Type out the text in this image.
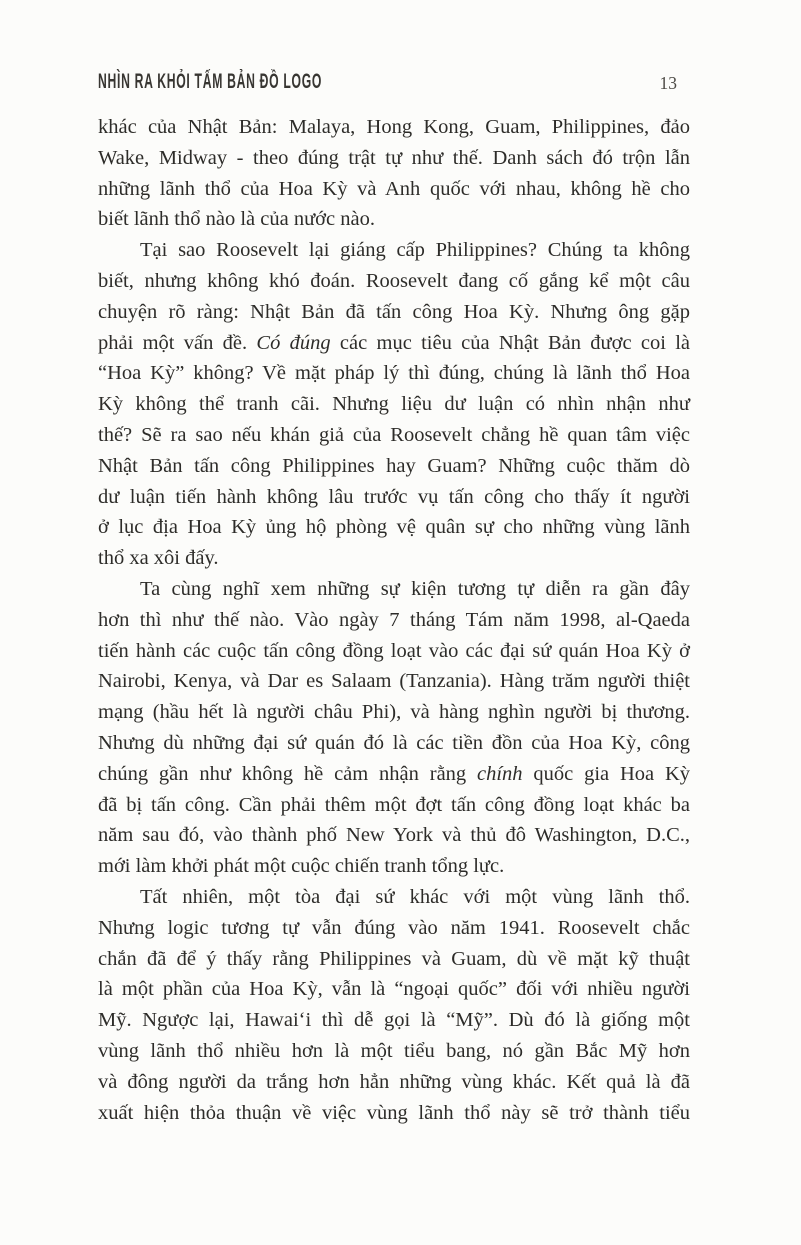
NHÌN RA KHỎI TẤM BẢN ĐỒ LOGO	13
khác của Nhật Bản: Malaya, Hong Kong, Guam, Philippines, đảo
Wake, Midway - theo đúng trật tự như thế. Danh sách đó trộn lẫn
những lãnh thổ của Hoa Kỳ và Anh quốc với nhau, không hề cho
biết lãnh thổ nào là của nước nào.
Tại sao Roosevelt lại giáng cấp Philippines? Chúng ta không
biết, nhưng không khó đoán. Roosevelt đang cố gắng kể một câu
chuyện rõ ràng: Nhật Bản đã tấn công Hoa Kỳ. Nhưng ông gặp
phải một vấn đề. Có đúng các mục tiêu của Nhật Bản được coi là
“Hoa Kỳ” không? Về mặt pháp lý thì đúng, chúng là lãnh thổ Hoa
Kỳ không thể tranh cãi. Nhưng liệu dư luận có nhìn nhận như
thế? Sẽ ra sao nếu khán giả của Roosevelt chẳng hề quan tâm việc
Nhật Bản tấn công Philippines hay Guam? Những cuộc thăm dò
dư luận tiến hành không lâu trước vụ tấn công cho thấy ít người
ở lục địa Hoa Kỳ ủng hộ phòng vệ quân sự cho những vùng lãnh
thổ xa xôi đấy.
Ta cùng nghĩ xem những sự kiện tương tự diễn ra gần đây
hơn thì như thế nào. Vào ngày 7 tháng Tám năm 1998, al-Qaeda
tiến hành các cuộc tấn công đồng loạt vào các đại sứ quán Hoa Kỳ ở
Nairobi, Kenya, và Dar es Salaam (Tanzania). Hàng trăm người thiệt
mạng (hầu hết là người châu Phi), và hàng nghìn người bị thương.
Nhưng dù những đại sứ quán đó là các tiền đồn của Hoa Kỳ, công
chúng gần như không hề cảm nhận rằng chính quốc gia Hoa Kỳ
đã bị tấn công. Cần phải thêm một đợt tấn công đồng loạt khác ba
năm sau đó, vào thành phố New York và thủ đô Washington, D.C.,
mới làm khởi phát một cuộc chiến tranh tổng lực.
Tất nhiên, một tòa đại sứ khác với một vùng lãnh thổ.
Nhưng logic tương tự vẫn đúng vào năm 1941. Roosevelt chắc
chắn đã để ý thấy rằng Philippines và Guam, dù về mặt kỹ thuật
là một phần của Hoa Kỳ, vẫn là “ngoại quốc” đối với nhiều người
Mỹ. Ngược lại, Hawaiʻi thì dễ gọi là “Mỹ”. Dù đó là giống một
vùng lãnh thổ nhiều hơn là một tiểu bang, nó gần Bắc Mỹ hơn
và đông người da trắng hơn hẳn những vùng khác. Kết quả là đã
xuất hiện thỏa thuận về việc vùng lãnh thổ này sẽ trở thành tiểu
